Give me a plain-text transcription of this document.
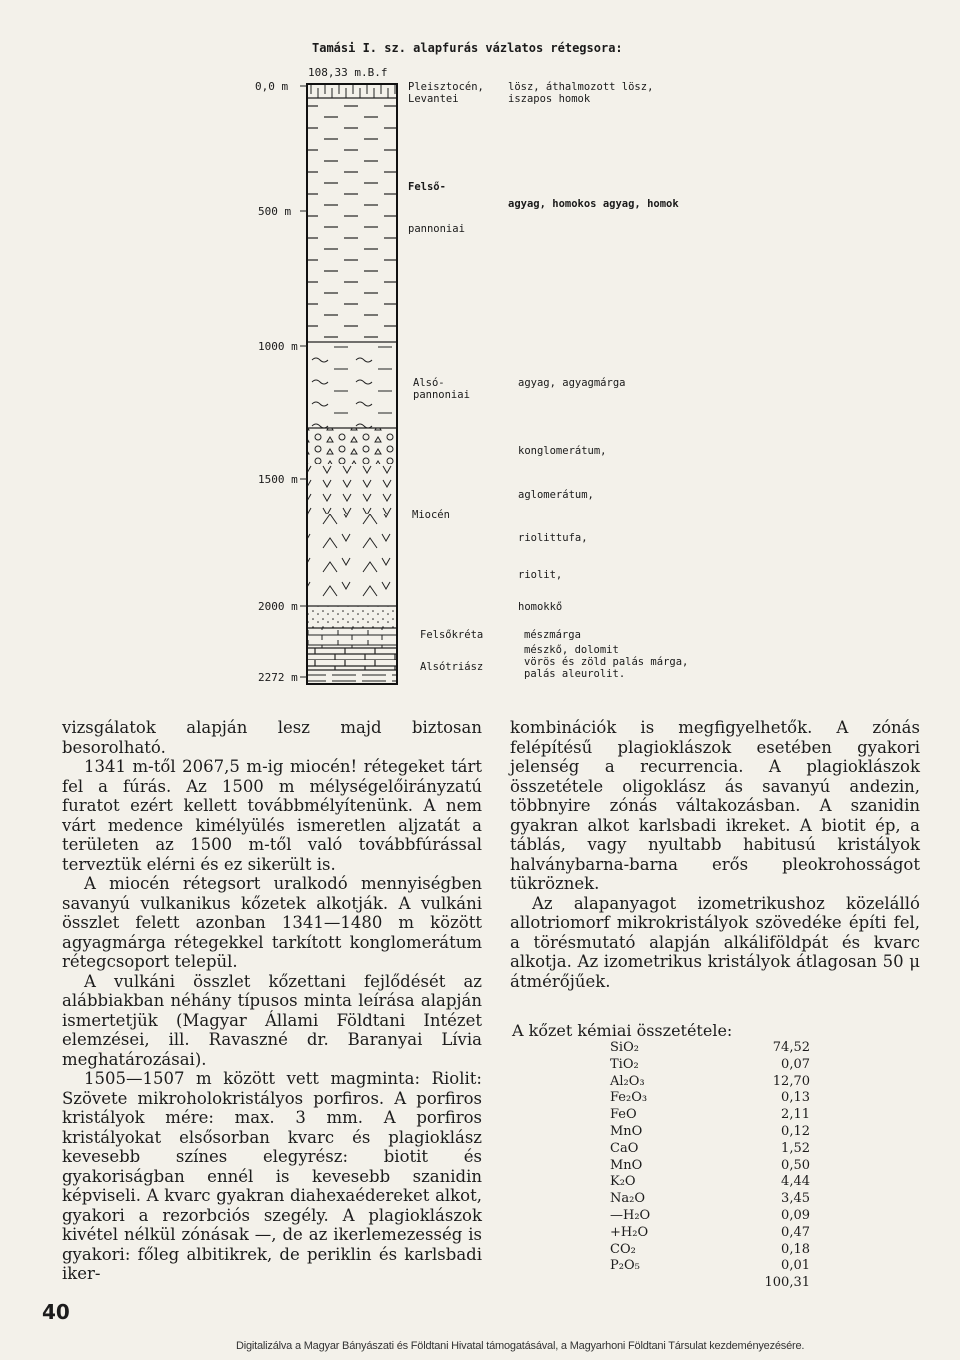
Tamási I. sz. alapfurás vázlatos rétegsora:
108,33 m.B.f
0,0 m
500 m
1000 m
1500 m
2000 m
2272 m
Pleisztocén,
Levantei
Felső-
pannoniai
Alsó-
pannoniai
Miocén
Felsőkréta
Alsótriász
lösz, áthalmozott lösz,
iszapos homok
agyag, homokos agyag, homok
agyag, agyagmárga
konglomerátum,
aglomerátum,
riolittufa,
riolit,
homokkő
mészmárga
mészkő, dolomit
vörös és zöld palás márga,
palás aleurolit.

vizsgálatok alapján lesz majd biztosan besorolható.

1341 m-től 2067,5 m-ig miocén! rétegeket tárt fel a fúrás. Az 1500 m mélységelőirányzatú furatot ezért kellett továbbmélyítenünk. A nem várt medence kimélyülés ismeretlen aljzatát a területen az 1500 m-től való továbbfúrással terveztük elérni és ez sikerült is.

A miocén rétegsort uralkodó mennyiségben savanyú vulkanikus kőzetek alkotják. A vulkáni összlet felett azonban 1341—1480 m között agyagmárga rétegekkel tarkított konglomerátum rétegcsoport települ.

A vulkáni összlet kőzettani fejlődését az alábbiakban néhány típusos minta leírása alapján ismertetjük (Magyar Állami Földtani Intézet elemzései, ill. Ravaszné dr. Baranyai Lívia meghatározásai).

1505—1507 m között vett magminta: Riolit: Szövete mikroholokristályos porfiros. A porfiros kristályok mére: max. 3 mm. A porfiros kristályokat elsősorban kvarc és plagioklász kevesebb színes elegyrész: biotit és gyakoriságban ennél is kevesebb szanidin képviseli. A kvarc gyakran diahexaédereket alkot, gyakori a rezorbciós szegély. A plagioklászok kivétel nélkül zónásak —, de az ikerlemezesség is gyakori: főleg albitikrek, de periklin és karlsbadi iker-

kombinációk is megfigyelhetők. A zónás felépítésű plagioklászok esetében gyakori jelenség a recurrencia. A plagioklászok összetétele oligoklász ás savanyú andezin, többnyire zónás váltakozásban. A szanidin gyakran alkot karlsbadi ikreket. A biotit ép, a táblás, vagy nyultabb habitusú kristályok halványbarna-barna erős pleokrohosságot tükröznek.

Az alapanyagot izometrikushoz közelálló allotriomorf mikrokristályok szövedéke építi fel, a törésmutató alapján alkáliföldpát és kvarc alkotja. Az izometrikus kristályok átlagosan 50 μ átmérőjűek.

A kőzet kémiai összetétele:

SiO₂	74,52
TiO₂	0,07
Al₂O₃	12,70
Fe₂O₃	0,13
FeO	2,11
MnO	0,12
CaO	1,52
MnO	0,50
K₂O	4,44
Na₂O	3,45
—H₂O	0,09
+H₂O	0,47
CO₂	0,18
P₂O₅	0,01
100,31
40
Digitalizálva a Magyar Bányászati és Földtani Hivatal támogatásával, a Magyarhoni Földtani Társulat kezdeményezésére.
